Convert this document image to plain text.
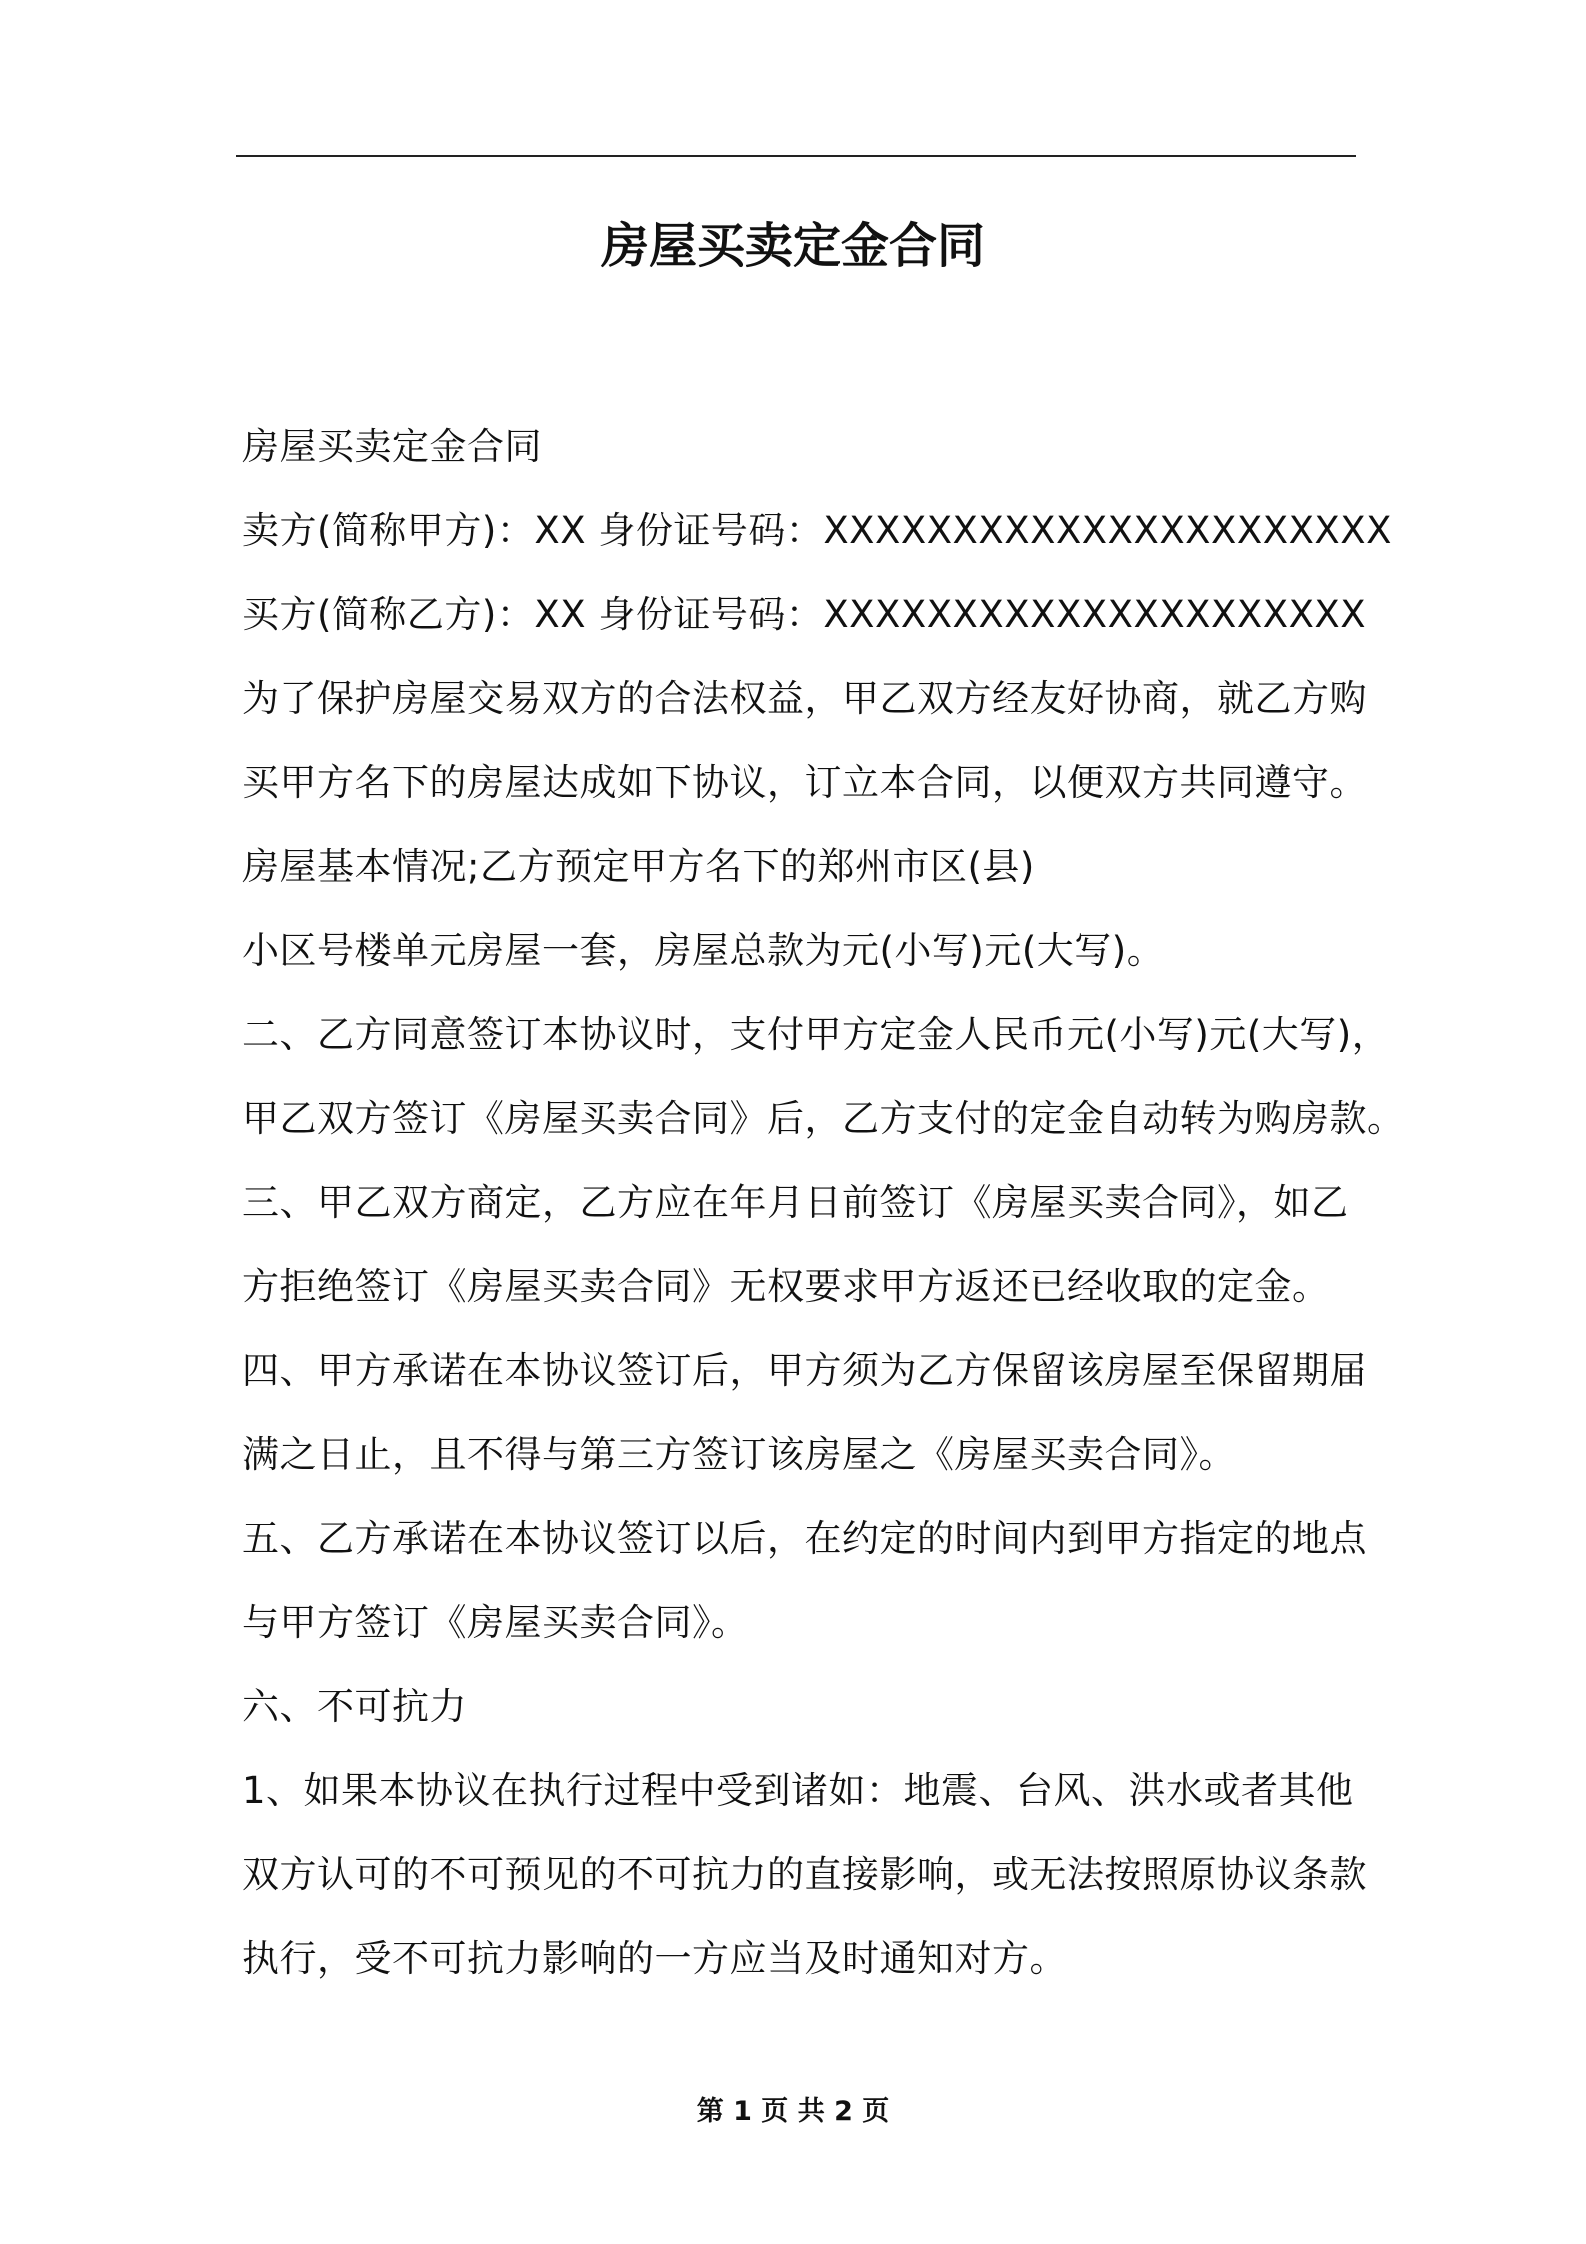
房屋买卖定金合同
房屋买卖定金合同
卖方(简称甲方)：XX 身份证号码：XXXXXXXXXXXXXXXXXXXXXX
买方(简称乙方)：XX 身份证号码：XXXXXXXXXXXXXXXXXXXXX
为了保护房屋交易双方的合法权益，甲乙双方经友好协商，就乙方购
买甲方名下的房屋达成如下协议，订立本合同，以便双方共同遵守。
房屋基本情况;乙方预定甲方名下的郑州市区(县)
小区号楼单元房屋一套，房屋总款为元(小写)元(大写)。
二、乙方同意签订本协议时，支付甲方定金人民币元(小写)元(大写)，
甲乙双方签订《房屋买卖合同》后，乙方支付的定金自动转为购房款。
三、甲乙双方商定，乙方应在年月日前签订《房屋买卖合同》，如乙
方拒绝签订《房屋买卖合同》无权要求甲方返还已经收取的定金。
四、甲方承诺在本协议签订后，甲方须为乙方保留该房屋至保留期届
满之日止，且不得与第三方签订该房屋之《房屋买卖合同》。
五、乙方承诺在本协议签订以后，在约定的时间内到甲方指定的地点
与甲方签订《房屋买卖合同》。
六、不可抗力
1、如果本协议在执行过程中受到诸如：地震、台风、洪水或者其他
双方认可的不可预见的不可抗力的直接影响，或无法按照原协议条款
执行，受不可抗力影响的一方应当及时通知对方。
第 1 页 共 2 页
